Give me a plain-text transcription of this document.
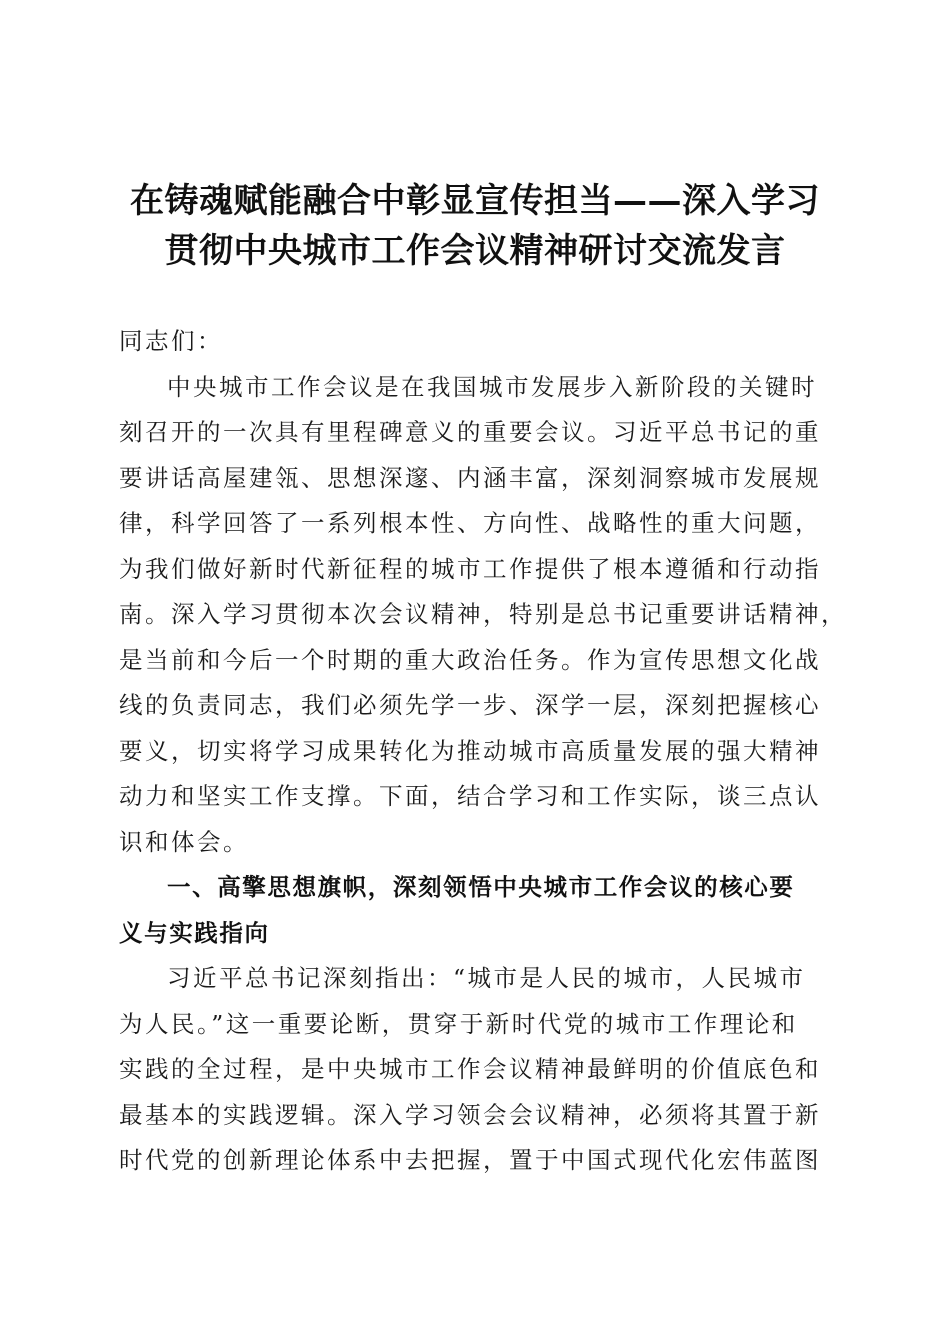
在铸魂赋能融合中彰显宣传担当——深入学习
贯彻中央城市工作会议精神研讨交流发言
同志们：
中央城市工作会议是在我国城市发展步入新阶段的关键时
刻召开的一次具有里程碑意义的重要会议。习近平总书记的重
要讲话高屋建瓴、思想深邃、内涵丰富，深刻洞察城市发展规
律，科学回答了一系列根本性、方向性、战略性的重大问题，
为我们做好新时代新征程的城市工作提供了根本遵循和行动指
南。深入学习贯彻本次会议精神，特别是总书记重要讲话精神，
是当前和今后一个时期的重大政治任务。作为宣传思想文化战
线的负责同志，我们必须先学一步、深学一层，深刻把握核心
要义，切实将学习成果转化为推动城市高质量发展的强大精神
动力和坚实工作支撑。下面，结合学习和工作实际，谈三点认
识和体会。
一、高擎思想旗帜，深刻领悟中央城市工作会议的核心要
义与实践指向
习近平总书记深刻指出：“城市是人民的城市，人民城市
为人民。”这一重要论断，贯穿于新时代党的城市工作理论和
实践的全过程，是中央城市工作会议精神最鲜明的价值底色和
最基本的实践逻辑。深入学习领会会议精神，必须将其置于新
时代党的创新理论体系中去把握，置于中国式现代化宏伟蓝图
